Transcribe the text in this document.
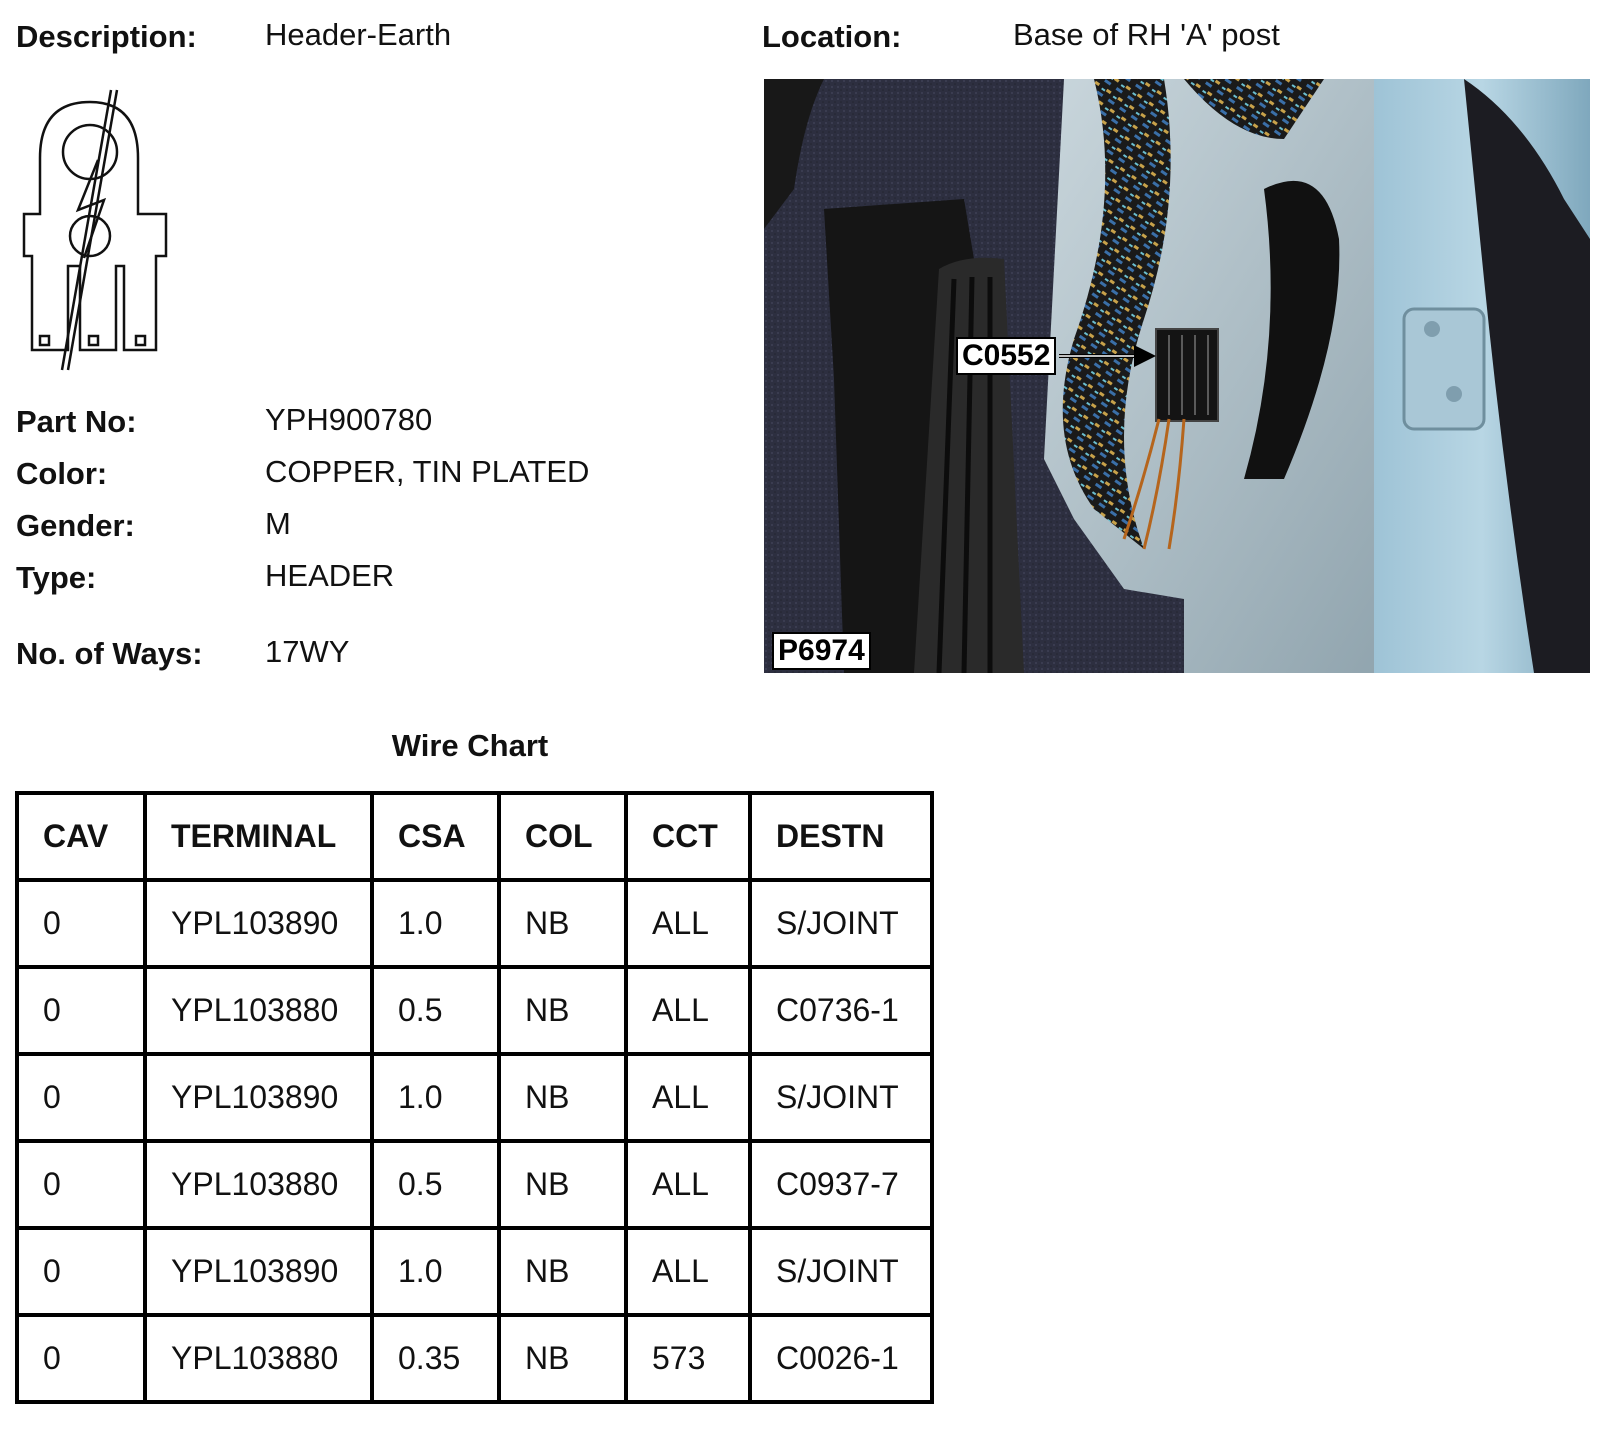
Description: Header-Earth	Location:	Base of RH 'A' post
Part No:	YPH900780
Color:	COPPER, TIN PLATED
Gender:	M
Type:	HEADER
No. of Ways: 17WY
C0552
P6974
Wire Chart
CAV	TERMINAL	CSA	COL	CCT	DESTN
0	YPL103890	1.0	NB	ALL	S/JOINT
0	YPL103880	0.5	NB	ALL	C0736-1
0	YPL103890	1.0	NB	ALL	S/JOINT
0	YPL103880	0.5	NB	ALL	C0937-7
0	YPL103890	1.0	NB	ALL	S/JOINT
0	YPL103880	0.35	NB	573	C0026-1
